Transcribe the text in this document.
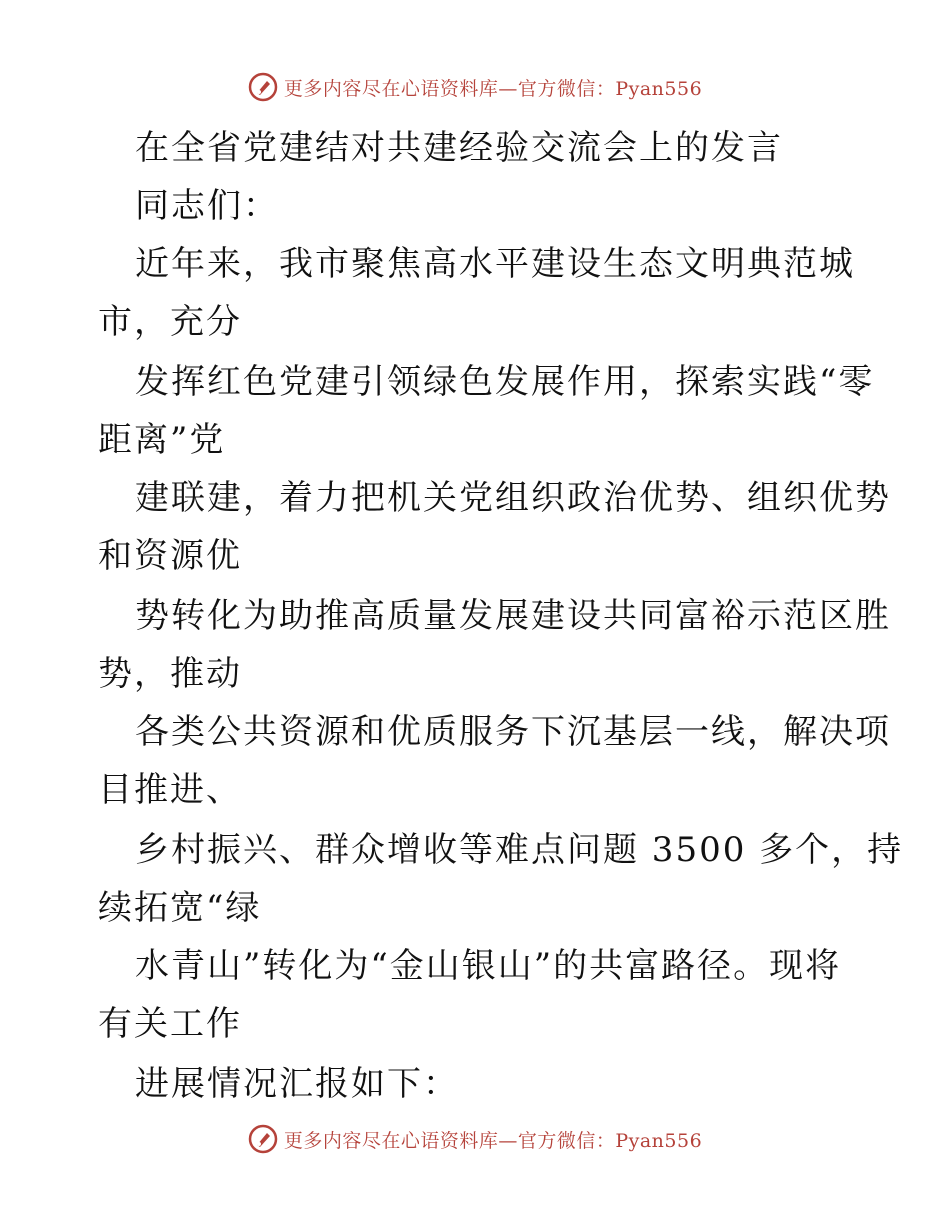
更多内容尽在心语资料库—官方微信：Pyan556
在全省党建结对共建经验交流会上的发言
同志们：
近年来，我市聚焦高水平建设生态文明典范城
市，充分
发挥红色党建引领绿色发展作用，探索实践“零
距离”党
建联建，着力把机关党组织政治优势、组织优势
和资源优
势转化为助推高质量发展建设共同富裕示范区胜
势，推动
各类公共资源和优质服务下沉基层一线，解决项
目推进、
乡村振兴、群众增收等难点问题 3500 多个，持
续拓宽“绿
水青山”转化为“金山银山”的共富路径。现将
有关工作
进展情况汇报如下：
更多内容尽在心语资料库—官方微信：Pyan556
